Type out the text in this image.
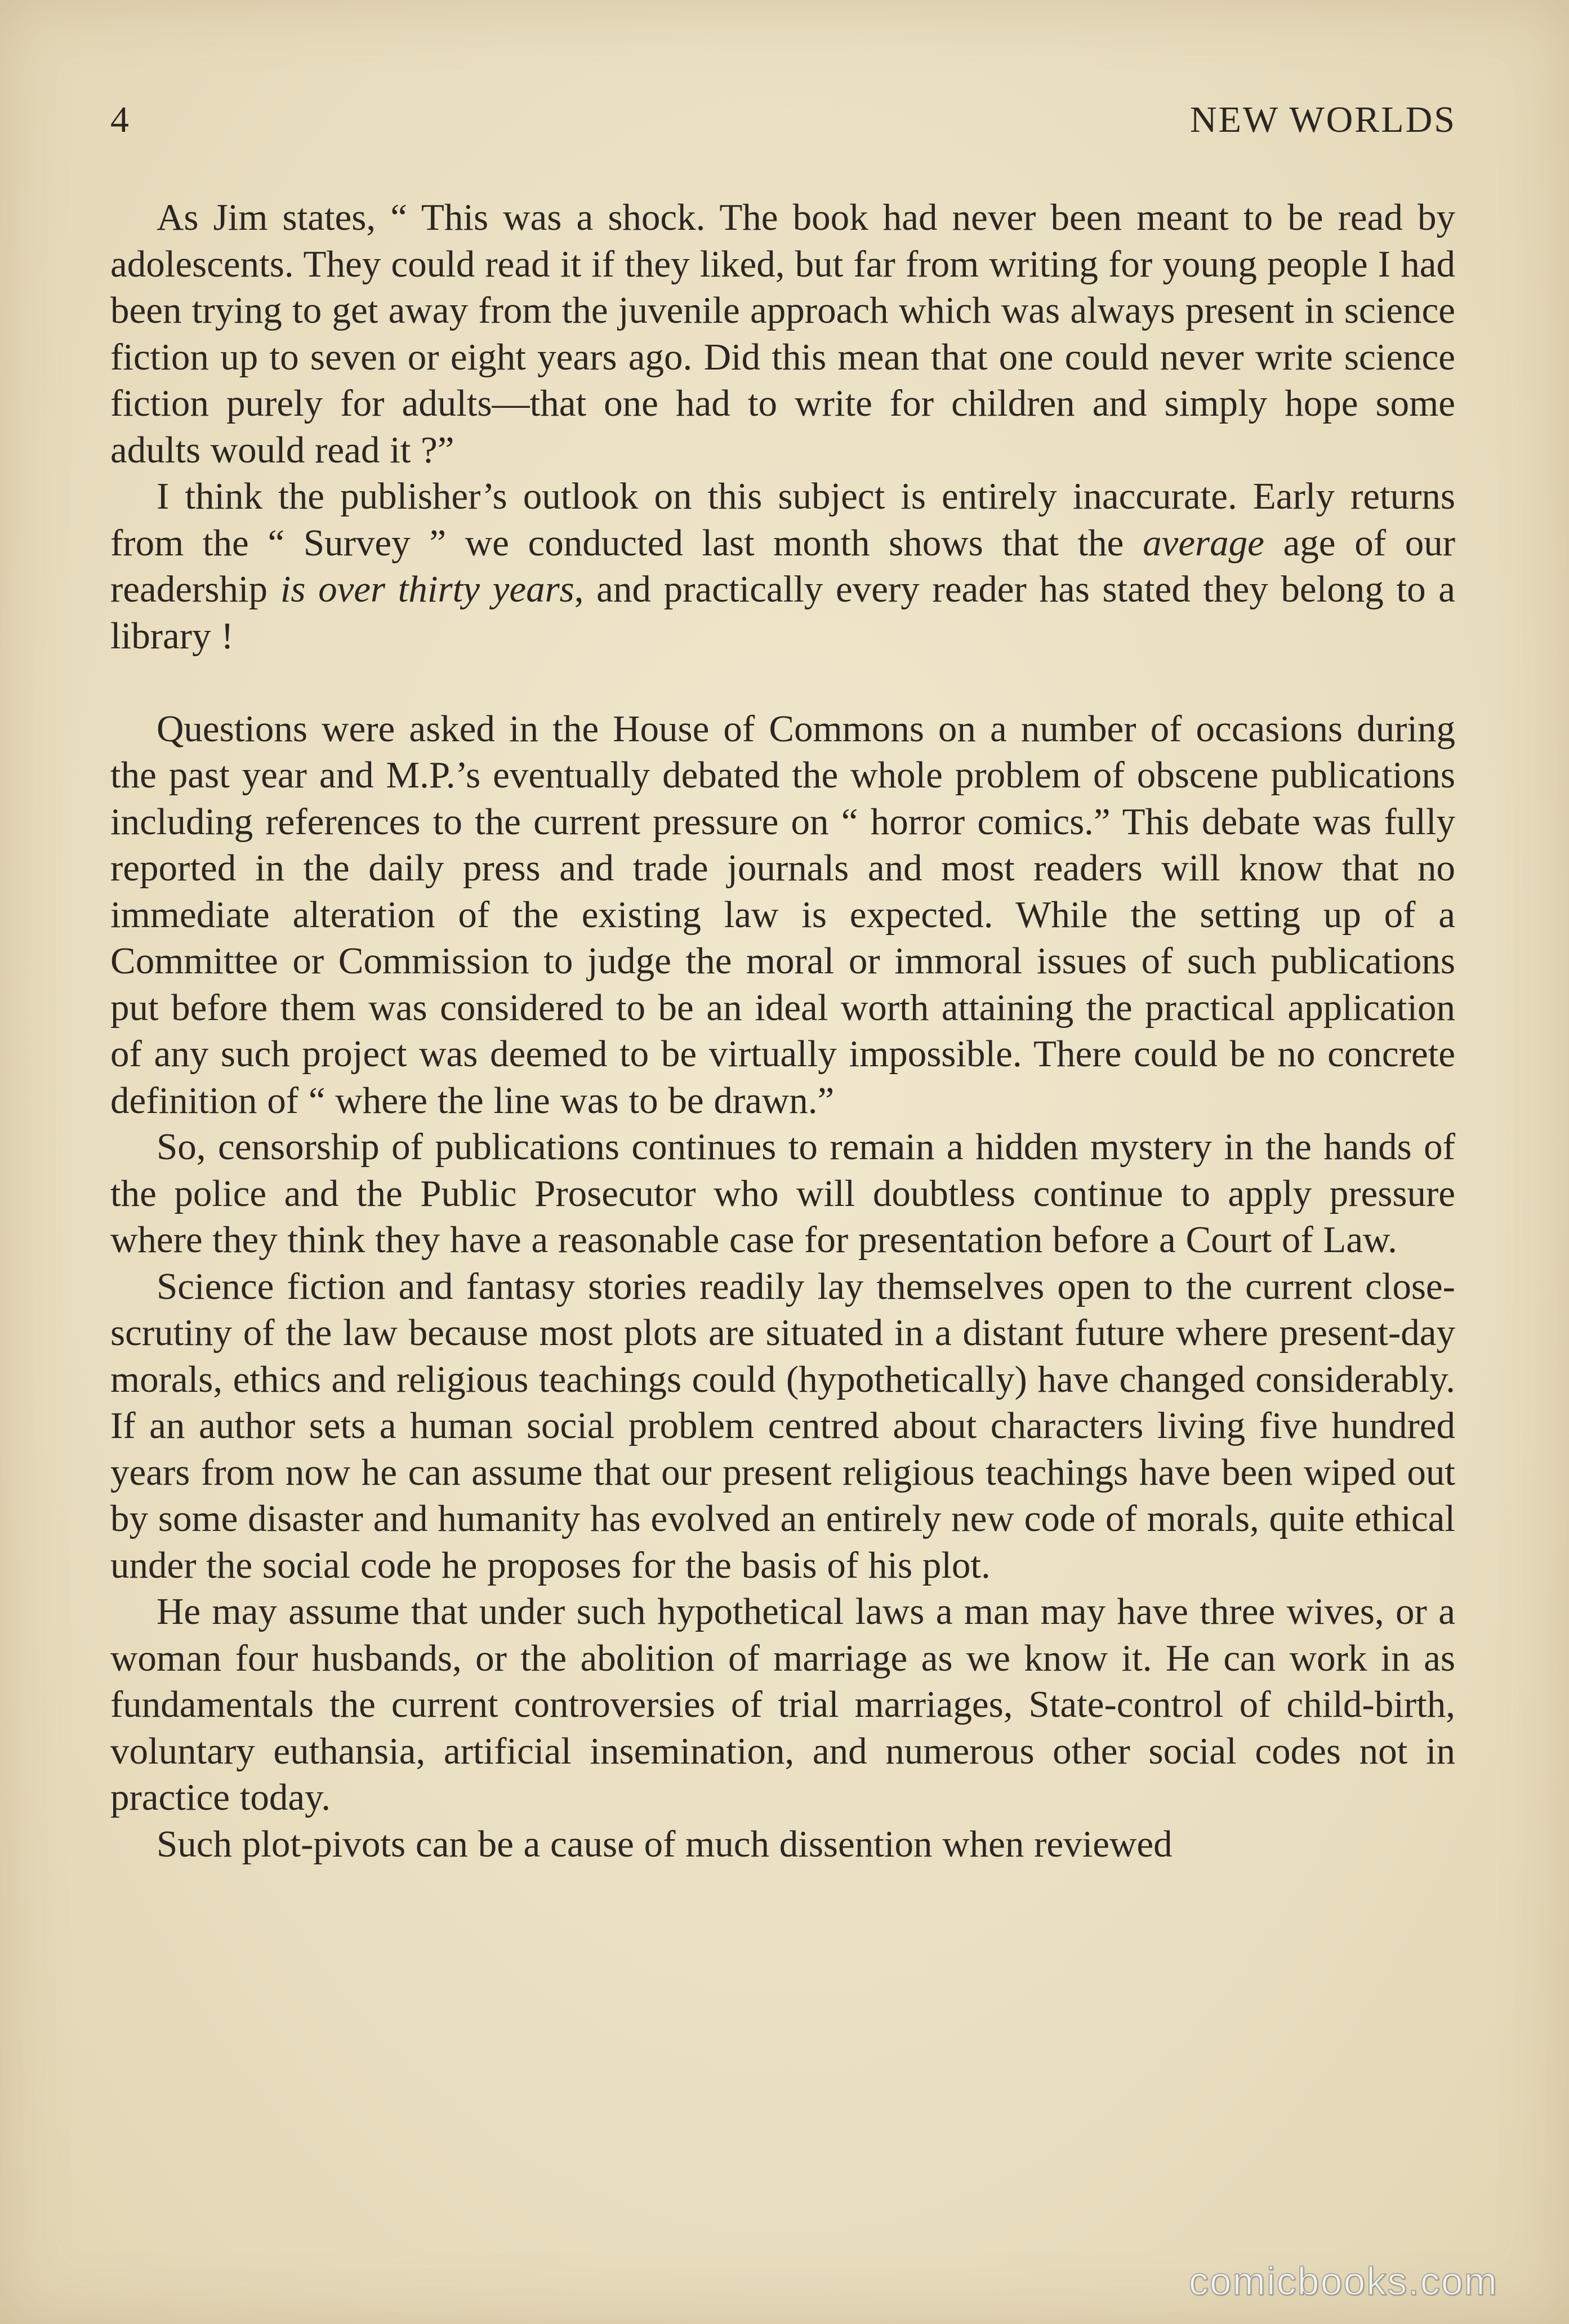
4	NEW WORLDS

As Jim states, “ This was a shock. The book had never been meant to be read by adolescents. They could read it if they liked, but far from writing for young people I had been trying to get away from the juvenile approach which was always present in science fiction up to seven or eight years ago. Did this mean that one could never write science fiction purely for adults—that one had to write for children and simply hope some adults would read it ?”

I think the publisher’s outlook on this subject is entirely inaccurate. Early returns from the “ Survey ” we conducted last month shows that the average age of our readership is over thirty years, and practically every reader has stated they belong to a library !

Questions were asked in the House of Commons on a number of occasions during the past year and M.P.’s eventually debated the whole problem of obscene publications including references to the current pressure on “ horror comics.” This debate was fully reported in the daily press and trade journals and most readers will know that no immediate alteration of the existing law is expected. While the setting up of a Committee or Commission to judge the moral or immoral issues of such publications put before them was considered to be an ideal worth attaining the practical application of any such project was deemed to be virtually impossible. There could be no concrete definition of “ where the line was to be drawn.”

So, censorship of publications continues to remain a hidden mystery in the hands of the police and the Public Prosecutor who will doubtless continue to apply pressure where they think they have a reasonable case for presentation before a Court of Law.

Science fiction and fantasy stories readily lay themselves open to the current close-scrutiny of the law because most plots are situated in a distant future where present-day morals, ethics and religious teachings could (hypothetically) have changed considerably. If an author sets a human social problem centred about characters living five hundred years from now he can assume that our present religious teachings have been wiped out by some disaster and humanity has evolved an entirely new code of morals, quite ethical under the social code he proposes for the basis of his plot.

He may assume that under such hypothetical laws a man may have three wives, or a woman four husbands, or the abolition of marriage as we know it. He can work in as fundamentals the current controversies of trial marriages, State-control of child-birth, voluntary euthansia, artificial insemination, and numerous other social codes not in practice today.

Such plot-pivots can be a cause of much dissention when reviewed

comicbooks.com
